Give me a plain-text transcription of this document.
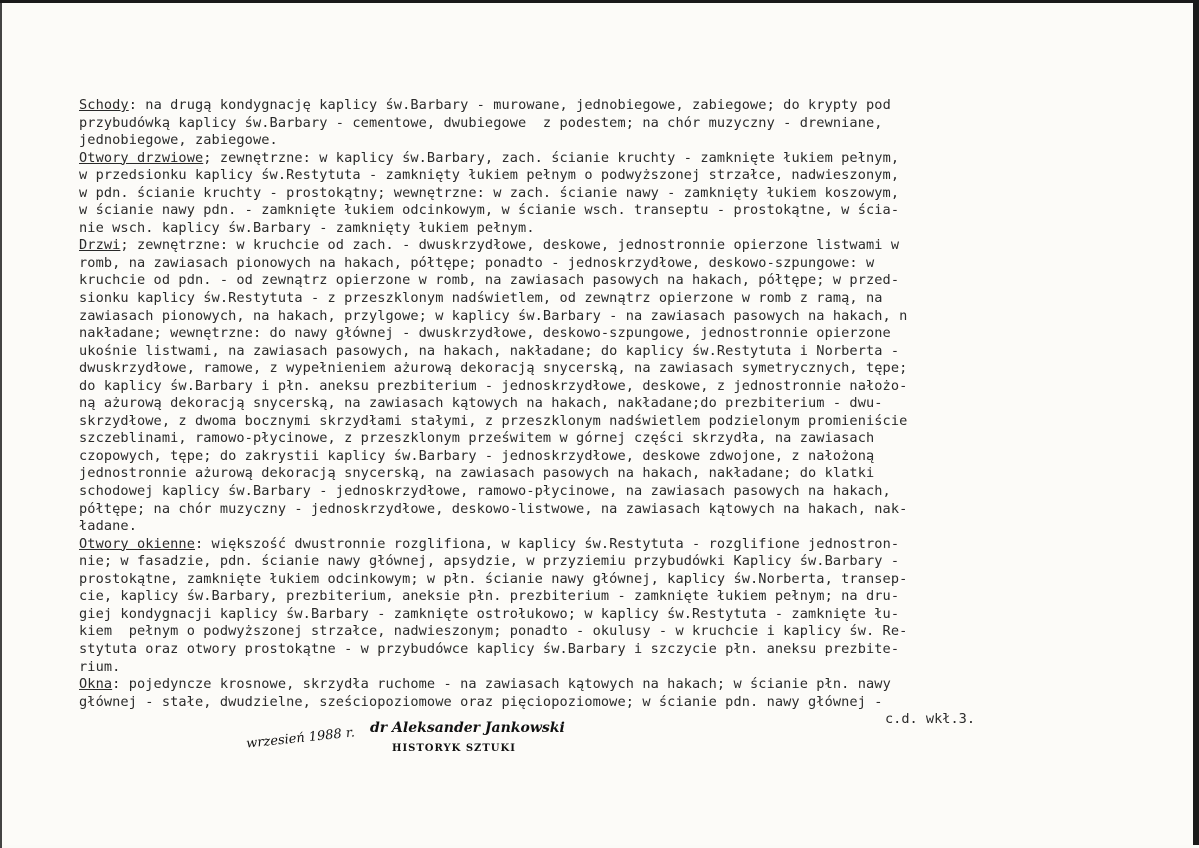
Schody: na drugą kondygnację kaplicy św.Barbary - murowane, jednobiegowe, zabiegowe; do krypty pod
przybudówką kaplicy św.Barbary - cementowe, dwubiegowe  z podestem; na chór muzyczny - drewniane,
jednobiegowe, zabiegowe.
Otwory drzwiowe; zewnętrzne: w kaplicy św.Barbary, zach. ścianie kruchty - zamknięte łukiem pełnym,
w przedsionku kaplicy św.Restytuta - zamknięty łukiem pełnym o podwyższonej strzałce, nadwieszonym,
w pdn. ścianie kruchty - prostokątny; wewnętrzne: w zach. ścianie nawy - zamknięty łukiem koszowym,
w ścianie nawy pdn. - zamknięte łukiem odcinkowym, w ścianie wsch. transeptu - prostokątne, w ścia-
nie wsch. kaplicy św.Barbary - zamknięty łukiem pełnym.
Drzwi; zewnętrzne: w kruchcie od zach. - dwuskrzydłowe, deskowe, jednostronnie opierzone listwami w
romb, na zawiasach pionowych na hakach, półtępe; ponadto - jednoskrzydłowe, deskowo-szpungowe: w
kruchcie od pdn. - od zewnątrz opierzone w romb, na zawiasach pasowych na hakach, półtępe; w przed-
sionku kaplicy św.Restytuta - z przeszklonym nadświetlem, od zewnątrz opierzone w romb z ramą, na
zawiasach pionowych, na hakach, przylgowe; w kaplicy św.Barbary - na zawiasach pasowych na hakach, n
nakładane; wewnętrzne: do nawy głównej - dwuskrzydłowe, deskowo-szpungowe, jednostronnie opierzone
ukośnie listwami, na zawiasach pasowych, na hakach, nakładane; do kaplicy św.Restytuta i Norberta -
dwuskrzydłowe, ramowe, z wypełnieniem ażurową dekoracją snycerską, na zawiasach symetrycznych, tępe;
do kaplicy św.Barbary i płn. aneksu prezbiterium - jednoskrzydłowe, deskowe, z jednostronnie nałożo-
ną ażurową dekoracją snycerską, na zawiasach kątowych na hakach, nakładane;do prezbiterium - dwu-
skrzydłowe, z dwoma bocznymi skrzydłami stałymi, z przeszklonym nadświetlem podzielonym promieniście
szczeblinami, ramowo-płycinowe, z przeszklonym prześwitem w górnej części skrzydła, na zawiasach
czopowych, tępe; do zakrystii kaplicy św.Barbary - jednoskrzydłowe, deskowe zdwojone, z nałożoną
jednostronnie ażurową dekoracją snycerską, na zawiasach pasowych na hakach, nakładane; do klatki
schodowej kaplicy św.Barbary - jednoskrzydłowe, ramowo-płycinowe, na zawiasach pasowych na hakach,
półtępe; na chór muzyczny - jednoskrzydłowe, deskowo-listwowe, na zawiasach kątowych na hakach, nak-
ładane.
Otwory okienne: większość dwustronnie rozglifiona, w kaplicy św.Restytuta - rozglifione jednostron-
nie; w fasadzie, pdn. ścianie nawy głównej, apsydzie, w przyziemiu przybudówki Kaplicy św.Barbary -
prostokątne, zamknięte łukiem odcinkowym; w płn. ścianie nawy głównej, kaplicy św.Norberta, transep-
cie, kaplicy św.Barbary, prezbiterium, aneksie płn. prezbiterium - zamknięte łukiem pełnym; na dru-
giej kondygnacji kaplicy św.Barbary - zamknięte ostrołukowo; w kaplicy św.Restytuta - zamknięte łu-
kiem  pełnym o podwyższonej strzałce, nadwieszonym; ponadto - okulusy - w kruchcie i kaplicy św. Re-
stytuta oraz otwory prostokątne - w przybudówce kaplicy św.Barbary i szczycie płn. aneksu prezbite-
rium.
Okna: pojedyncze krosnowe, skrzydła ruchome - na zawiasach kątowych na hakach; w ścianie płn. nawy
głównej - stałe, dwudzielne, sześciopoziomowe oraz pięciopoziomowe; w ścianie pdn. nawy głównej -
c.d. wkł.3.
wrzesień 1988 r. dr Aleksander Jankowski
HISTORYK SZTUKI
